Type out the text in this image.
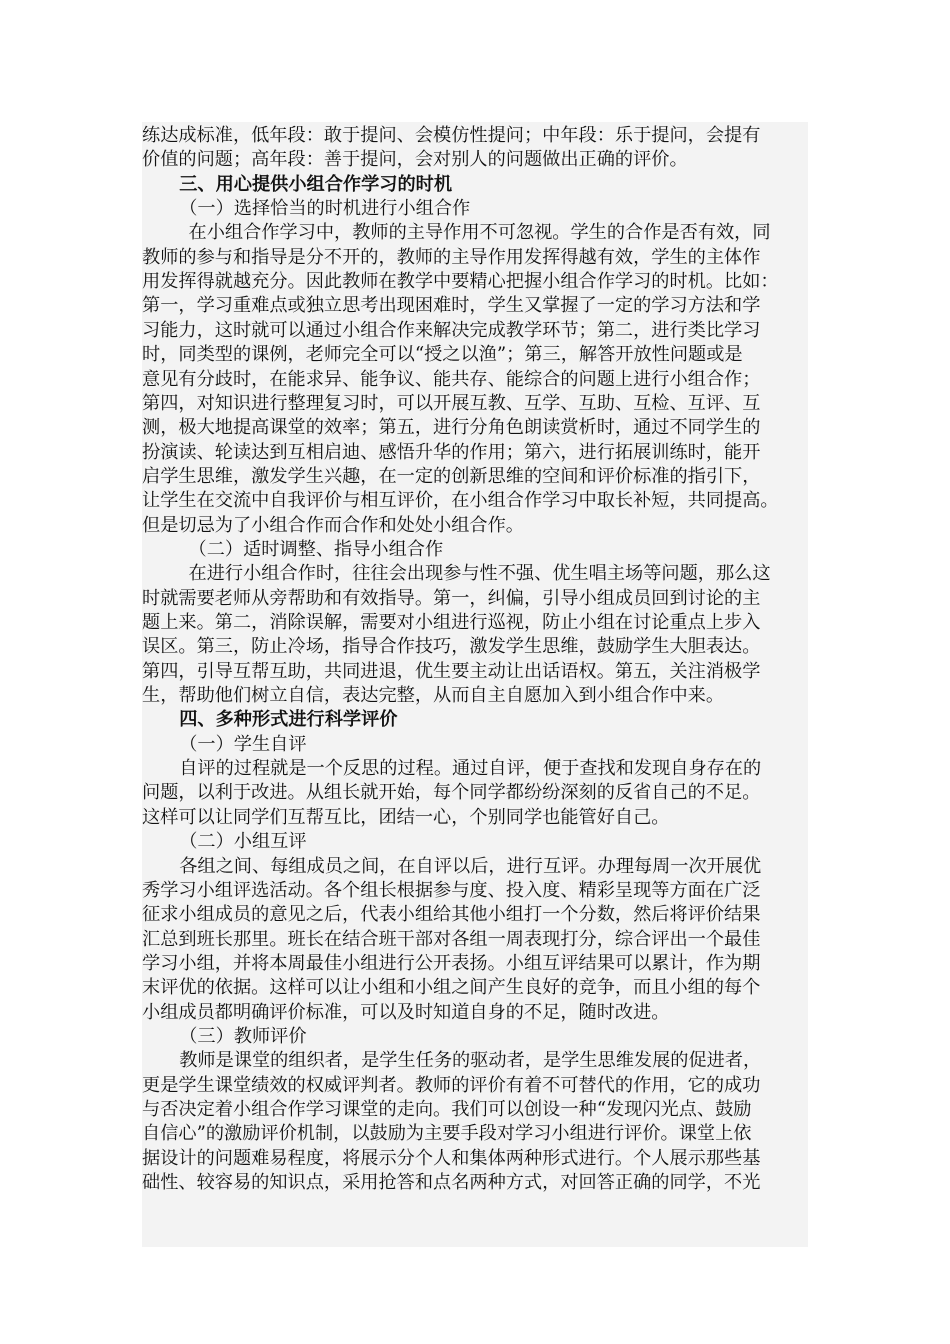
练达成标准，低年段：敢于提问、会模仿性提问；中年段：乐于提问，会提有
价值的问题；高年段：善于提问，会对别人的问题做出正确的评价。
三、用心提供小组合作学习的时机
（一）选择恰当的时机进行小组合作
在小组合作学习中，教师的主导作用不可忽视。学生的合作是否有效，同
教师的参与和指导是分不开的，教师的主导作用发挥得越有效，学生的主体作
用发挥得就越充分。因此教师在教学中要精心把握小组合作学习的时机。比如：
第一，学习重难点或独立思考出现困难时，学生又掌握了一定的学习方法和学
习能力，这时就可以通过小组合作来解决完成教学环节；第二，进行类比学习
时，同类型的课例，老师完全可以“授之以渔”；第三，解答开放性问题或是
意见有分歧时，在能求异、能争议、能共存、能综合的问题上进行小组合作；
第四，对知识进行整理复习时，可以开展互教、互学、互助、互检、互评、互
测，极大地提高课堂的效率；第五，进行分角色朗读赏析时，通过不同学生的
扮演读、轮读达到互相启迪、感悟升华的作用；第六，进行拓展训练时，能开
启学生思维，激发学生兴趣，在一定的创新思维的空间和评价标准的指引下，
让学生在交流中自我评价与相互评价，在小组合作学习中取长补短，共同提高。
但是切忌为了小组合作而合作和处处小组合作。
（二）适时调整、指导小组合作
在进行小组合作时，往往会出现参与性不强、优生唱主场等问题，那么这
时就需要老师从旁帮助和有效指导。第一，纠偏，引导小组成员回到讨论的主
题上来。第二，消除误解，需要对小组进行巡视，防止小组在讨论重点上步入
误区。第三，防止冷场，指导合作技巧，激发学生思维，鼓励学生大胆表达。
第四，引导互帮互助，共同进退，优生要主动让出话语权。第五，关注消极学
生，帮助他们树立自信，表达完整，从而自主自愿加入到小组合作中来。
四、多种形式进行科学评价
（一）学生自评
自评的过程就是一个反思的过程。通过自评，便于查找和发现自身存在的
问题，以利于改进。从组长就开始，每个同学都纷纷深刻的反省自己的不足。
这样可以让同学们互帮互比，团结一心，个别同学也能管好自己。
（二）小组互评
各组之间、每组成员之间，在自评以后，进行互评。办理每周一次开展优
秀学习小组评选活动。各个组长根据参与度、投入度、精彩呈现等方面在广泛
征求小组成员的意见之后，代表小组给其他小组打一个分数，然后将评价结果
汇总到班长那里。班长在结合班干部对各组一周表现打分，综合评出一个最佳
学习小组，并将本周最佳小组进行公开表扬。小组互评结果可以累计，作为期
末评优的依据。这样可以让小组和小组之间产生良好的竞争，而且小组的每个
小组成员都明确评价标准，可以及时知道自身的不足，随时改进。
（三）教师评价
教师是课堂的组织者，是学生任务的驱动者，是学生思维发展的促进者，
更是学生课堂绩效的权威评判者。教师的评价有着不可替代的作用，它的成功
与否决定着小组合作学习课堂的走向。我们可以创设一种“发现闪光点、鼓励
自信心”的激励评价机制，以鼓励为主要手段对学习小组进行评价。课堂上依
据设计的问题难易程度，将展示分个人和集体两种形式进行。个人展示那些基
础性、较容易的知识点，采用抢答和点名两种方式，对回答正确的同学，不光
